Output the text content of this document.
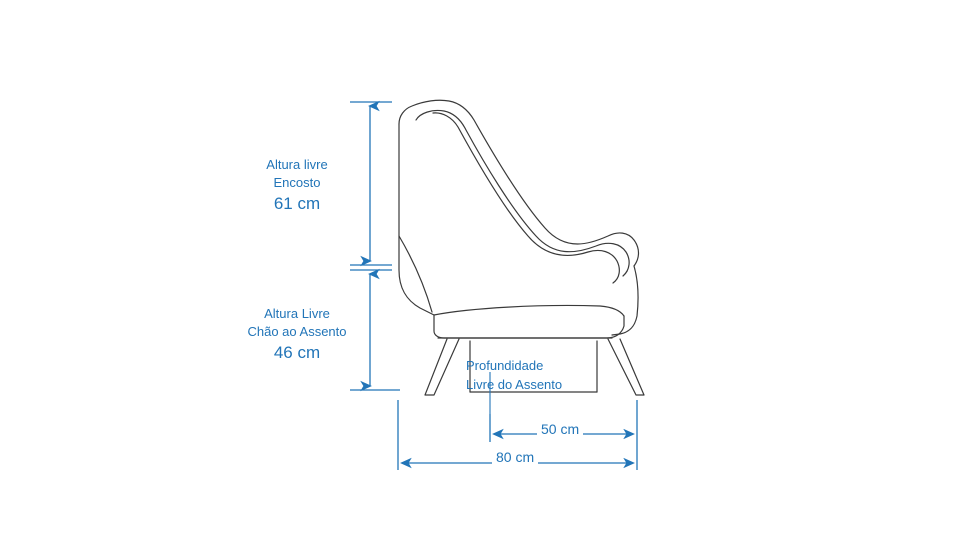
Altura livre
Encosto
61 cm
Altura Livre
Chão ao Assento
46 cm
Profundidade
Livre do Assento
50 cm
80 cm
